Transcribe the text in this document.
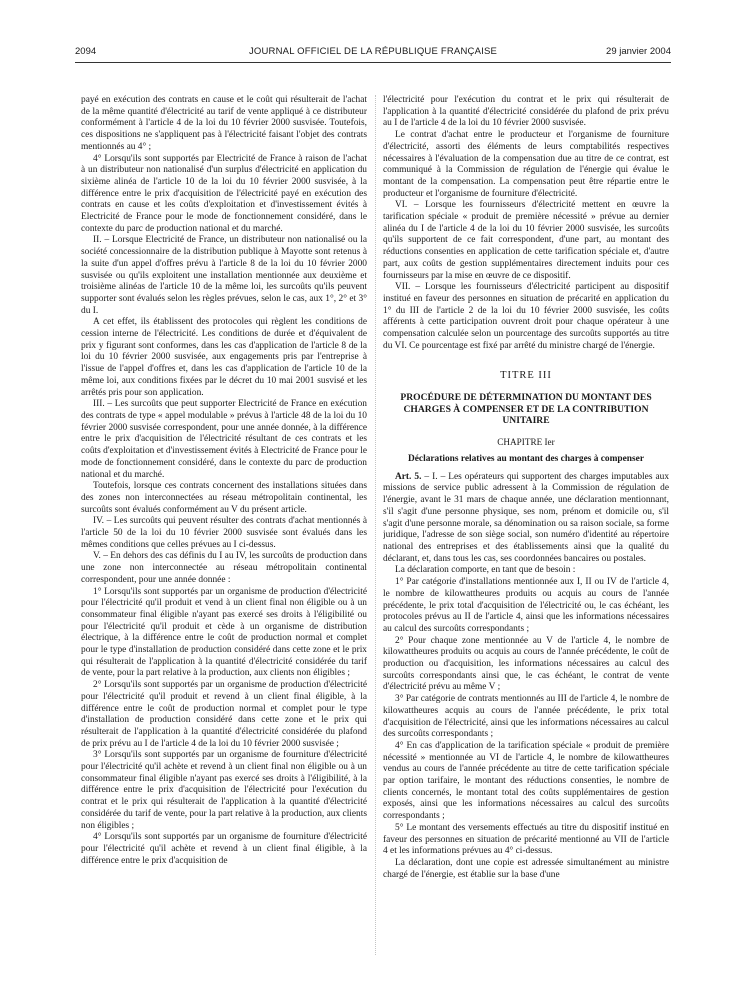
2094	JOURNAL OFFICIEL DE LA RÉPUBLIQUE FRANÇAISE	29 janvier 2004

payé en exécution des contrats en cause et le coût qui résulterait de l'achat de la même quantité d'électricité au tarif de vente appliqué à ce distributeur conformément à l'article 4 de la loi du 10 février 2000 susvisée. Toutefois, ces dispositions ne s'appliquent pas à l'électricité faisant l'objet des contrats mentionnés au 4° ;

4° Lorsqu'ils sont supportés par Electricité de France à raison de l'achat à un distributeur non nationalisé d'un surplus d'électricité en application du sixième alinéa de l'article 10 de la loi du 10 février 2000 susvisée, à la différence entre le prix d'acquisition de l'électricité payé en exécution des contrats en cause et les coûts d'exploitation et d'investissement évités à Electricité de France pour le mode de fonctionnement considéré, dans le contexte du parc de production national et du marché.

II. – Lorsque Electricité de France, un distributeur non nationalisé ou la société concessionnaire de la distribution publique à Mayotte sont retenus à la suite d'un appel d'offres prévu à l'article 8 de la loi du 10 février 2000 susvisée ou qu'ils exploitent une installation mentionnée aux deuxième et troisième alinéas de l'article 10 de la même loi, les surcoûts qu'ils peuvent supporter sont évalués selon les règles prévues, selon le cas, aux 1°, 2° et 3° du I.

A cet effet, ils établissent des protocoles qui règlent les conditions de cession interne de l'électricité. Les conditions de durée et d'équivalent de prix y figurant sont conformes, dans les cas d'application de l'article 8 de la loi du 10 février 2000 susvisée, aux engagements pris par l'entreprise à l'issue de l'appel d'offres et, dans les cas d'application de l'article 10 de la même loi, aux conditions fixées par le décret du 10 mai 2001 susvisé et les arrêtés pris pour son application.

III. – Les surcoûts que peut supporter Electricité de France en exécution des contrats de type « appel modulable » prévus à l'article 48 de la loi du 10 février 2000 susvisée correspondent, pour une année donnée, à la différence entre le prix d'acquisition de l'électricité résultant de ces contrats et les coûts d'exploitation et d'investissement évités à Electricité de France pour le mode de fonctionnement considéré, dans le contexte du parc de production national et du marché.

Toutefois, lorsque ces contrats concernent des installations situées dans des zones non interconnectées au réseau métropolitain continental, les surcoûts sont évalués conformément au V du présent article.

IV. – Les surcoûts qui peuvent résulter des contrats d'achat mentionnés à l'article 50 de la loi du 10 février 2000 susvisée sont évalués dans les mêmes conditions que celles prévues au I ci-dessus.

V. – En dehors des cas définis du I au IV, les surcoûts de production dans une zone non interconnectée au réseau métropolitain continental correspondent, pour une année donnée :

1° Lorsqu'ils sont supportés par un organisme de production d'électricité pour l'électricité qu'il produit et vend à un client final non éligible ou à un consommateur final éligible n'ayant pas exercé ses droits à l'éligibilité ou pour l'électricité qu'il produit et cède à un organisme de distribution électrique, à la différence entre le coût de production normal et complet pour le type d'installation de production considéré dans cette zone et le prix qui résulterait de l'application à la quantité d'électricité considérée du tarif de vente, pour la part relative à la production, aux clients non éligibles ;

2° Lorsqu'ils sont supportés par un organisme de production d'électricité pour l'électricité qu'il produit et revend à un client final éligible, à la différence entre le coût de production normal et complet pour le type d'installation de production considéré dans cette zone et le prix qui résulterait de l'application à la quantité d'électricité considérée du plafond de prix prévu au I de l'article 4 de la loi du 10 février 2000 susvisée ;

3° Lorsqu'ils sont supportés par un organisme de fourniture d'électricité pour l'électricité qu'il achète et revend à un client final non éligible ou à un consommateur final éligible n'ayant pas exercé ses droits à l'éligibilité, à la différence entre le prix d'acquisition de l'électricité pour l'exécution du contrat et le prix qui résulterait de l'application à la quantité d'électricité considérée du tarif de vente, pour la part relative à la production, aux clients non éligibles ;

4° Lorsqu'ils sont supportés par un organisme de fourniture d'électricité pour l'électricité qu'il achète et revend à un client final éligible, à la différence entre le prix d'acquisition de

l'électricité pour l'exécution du contrat et le prix qui résulterait de l'application à la quantité d'électricité considérée du plafond de prix prévu au I de l'article 4 de la loi du 10 février 2000 susvisée.

Le contrat d'achat entre le producteur et l'organisme de fourniture d'électricité, assorti des éléments de leurs comptabilités respectives nécessaires à l'évaluation de la compensation due au titre de ce contrat, est communiqué à la Commission de régulation de l'énergie qui évalue le montant de la compensation. La compensation peut être répartie entre le producteur et l'organisme de fourniture d'électricité.

VI. – Lorsque les fournisseurs d'électricité mettent en œuvre la tarification spéciale « produit de première nécessité » prévue au dernier alinéa du I de l'article 4 de la loi du 10 février 2000 susvisée, les surcoûts qu'ils supportent de ce fait correspondent, d'une part, au montant des réductions consenties en application de cette tarification spéciale et, d'autre part, aux coûts de gestion supplémentaires directement induits pour ces fournisseurs par la mise en œuvre de ce dispositif.

VII. – Lorsque les fournisseurs d'électricité participent au dispositif institué en faveur des personnes en situation de précarité en application du 1° du III de l'article 2 de la loi du 10 février 2000 susvisée, les coûts afférents à cette participation ouvrent droit pour chaque opérateur à une compensation calculée selon un pourcentage des surcoûts supportés au titre du VI. Ce pourcentage est fixé par arrêté du ministre chargé de l'énergie.

TITRE III
PROCÉDURE DE DÉTERMINATION DU MONTANT DES CHARGES À COMPENSER ET DE LA CONTRIBUTION UNITAIRE
CHAPITRE Ier
Déclarations relatives au montant des charges à compenser

Art. 5. – I. – Les opérateurs qui supportent des charges imputables aux missions de service public adressent à la Commission de régulation de l'énergie, avant le 31 mars de chaque année, une déclaration mentionnant, s'il s'agit d'une personne physique, ses nom, prénom et domicile ou, s'il s'agit d'une personne morale, sa dénomination ou sa raison sociale, sa forme juridique, l'adresse de son siège social, son numéro d'identité au répertoire national des entreprises et des établissements ainsi que la qualité du déclarant, et, dans tous les cas, ses coordonnées bancaires ou postales.

La déclaration comporte, en tant que de besoin :

1° Par catégorie d'installations mentionnée aux I, II ou IV de l'article 4, le nombre de kilowattheures produits ou acquis au cours de l'année précédente, le prix total d'acquisition de l'électricité ou, le cas échéant, les protocoles prévus au II de l'article 4, ainsi que les informations nécessaires au calcul des surcoûts correspondants ;

2° Pour chaque zone mentionnée au V de l'article 4, le nombre de kilowattheures produits ou acquis au cours de l'année précédente, le coût de production ou d'acquisition, les informations nécessaires au calcul des surcoûts correspondants ainsi que, le cas échéant, le contrat de vente d'électricité prévu au même V ;

3° Par catégorie de contrats mentionnés au III de l'article 4, le nombre de kilowattheures acquis au cours de l'année précédente, le prix total d'acquisition de l'électricité, ainsi que les informations nécessaires au calcul des surcoûts correspondants ;

4° En cas d'application de la tarification spéciale « produit de première nécessité » mentionnée au VI de l'article 4, le nombre de kilowattheures vendus au cours de l'année précédente au titre de cette tarification spéciale par option tarifaire, le montant des réductions consenties, le nombre de clients concernés, le montant total des coûts supplémentaires de gestion exposés, ainsi que les informations nécessaires au calcul des surcoûts correspondants ;

5° Le montant des versements effectués au titre du dispositif institué en faveur des personnes en situation de précarité mentionné au VII de l'article 4 et les informations prévues au 4° ci-dessus.

La déclaration, dont une copie est adressée simultanément au ministre chargé de l'énergie, est établie sur la base d'une
